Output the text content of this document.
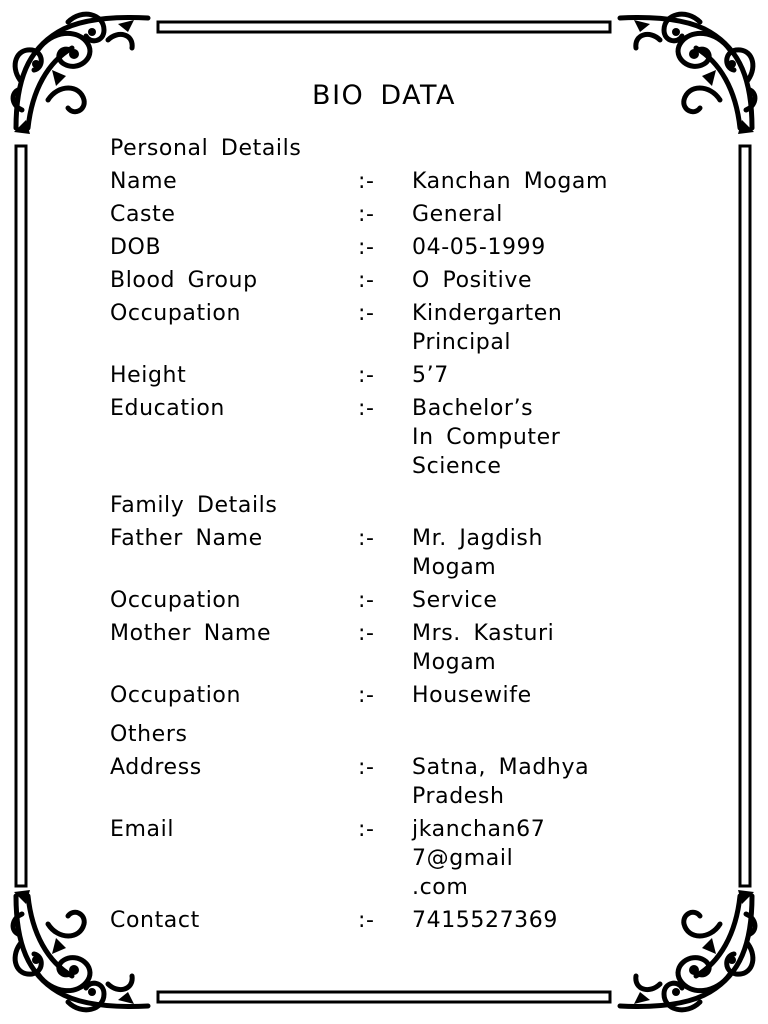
BIO DATA
Personal Details
Name	:-	Kanchan Mogam
Caste	:-	General
DOB	:-	04-05-1999
Blood Group	:-	O Positive
Occupation	:-	Kindergarten
Principal
Height	:-	5’7
Education	:-	Bachelor’s
In Computer
Science
Family Details
Father Name	:-	Mr. Jagdish
Mogam
Occupation	:-	Service
Mother Name	:-	Mrs. Kasturi
Mogam
Occupation	:-	Housewife
Others
Address	:-	Satna, Madhya
Pradesh
Email	:-	jkanchan67
7@gmail
.com
Contact	:-	7415527369
